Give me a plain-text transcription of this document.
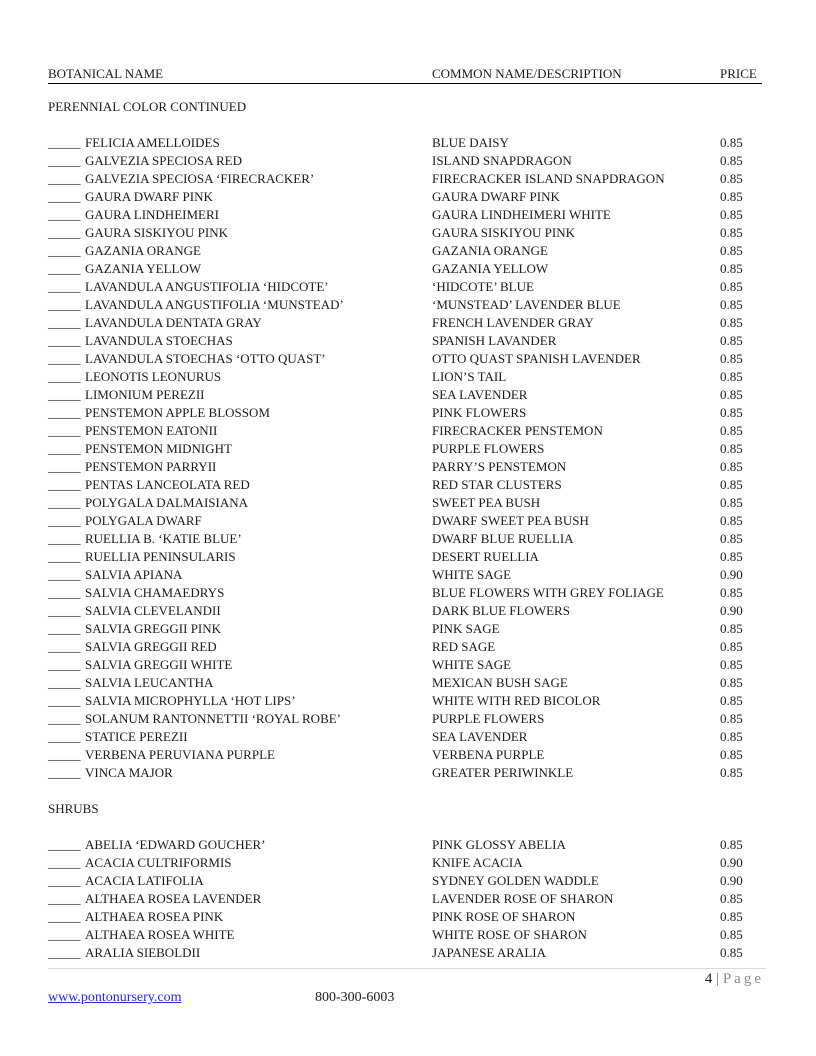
BOTANICAL NAME	COMMON NAME/DESCRIPTION	PRICE
PERENNIAL COLOR CONTINUED
_____ FELICIA AMELLOIDES	BLUE DAISY	0.85
_____ GALVEZIA SPECIOSA RED	ISLAND SNAPDRAGON	0.85
_____ GALVEZIA SPECIOSA ‘FIRECRACKER’	FIRECRACKER ISLAND SNAPDRAGON	0.85
_____ GAURA DWARF PINK	GAURA DWARF PINK	0.85
_____ GAURA LINDHEIMERI	GAURA LINDHEIMERI WHITE	0.85
_____ GAURA SISKIYOU PINK	GAURA SISKIYOU PINK	0.85
_____ GAZANIA ORANGE	GAZANIA ORANGE	0.85
_____ GAZANIA YELLOW	GAZANIA YELLOW	0.85
_____ LAVANDULA ANGUSTIFOLIA ‘HIDCOTE’	‘HIDCOTE’ BLUE	0.85
_____ LAVANDULA ANGUSTIFOLIA ‘MUNSTEAD’	‘MUNSTEAD’ LAVENDER BLUE	0.85
_____ LAVANDULA DENTATA GRAY	FRENCH LAVENDER GRAY	0.85
_____ LAVANDULA STOECHAS	SPANISH LAVANDER	0.85
_____ LAVANDULA STOECHAS ‘OTTO QUAST’	OTTO QUAST SPANISH LAVENDER	0.85
_____ LEONOTIS LEONURUS	LION’S TAIL	0.85
_____ LIMONIUM PEREZII	SEA LAVENDER	0.85
_____ PENSTEMON APPLE BLOSSOM	PINK FLOWERS	0.85
_____ PENSTEMON EATONII	FIRECRACKER PENSTEMON	0.85
_____ PENSTEMON MIDNIGHT	PURPLE FLOWERS	0.85
_____ PENSTEMON PARRYII	PARRY’S PENSTEMON	0.85
_____ PENTAS LANCEOLATA RED	RED STAR CLUSTERS	0.85
_____ POLYGALA DALMAISIANA	SWEET PEA BUSH	0.85
_____ POLYGALA DWARF	DWARF SWEET PEA BUSH	0.85
_____ RUELLIA B. ‘KATIE BLUE’	DWARF BLUE RUELLIA	0.85
_____ RUELLIA PENINSULARIS	DESERT RUELLIA	0.85
_____ SALVIA APIANA	WHITE SAGE	0.90
_____ SALVIA CHAMAEDRYS	BLUE FLOWERS WITH GREY FOLIAGE	0.85
_____ SALVIA CLEVELANDII	DARK BLUE FLOWERS	0.90
_____ SALVIA GREGGII PINK	PINK SAGE	0.85
_____ SALVIA GREGGII RED	RED SAGE	0.85
_____ SALVIA GREGGII WHITE	WHITE SAGE	0.85
_____ SALVIA LEUCANTHA	MEXICAN BUSH SAGE	0.85
_____ SALVIA MICROPHYLLA ‘HOT LIPS’	WHITE WITH RED BICOLOR	0.85
_____ SOLANUM RANTONNETTII ‘ROYAL ROBE’	PURPLE FLOWERS	0.85
_____ STATICE PEREZII	SEA LAVENDER	0.85
_____ VERBENA PERUVIANA PURPLE	VERBENA PURPLE	0.85
_____ VINCA MAJOR	GREATER PERIWINKLE	0.85
SHRUBS
_____ ABELIA ‘EDWARD GOUCHER’	PINK GLOSSY ABELIA	0.85
_____ ACACIA CULTRIFORMIS	KNIFE ACACIA	0.90
_____ ACACIA LATIFOLIA	SYDNEY GOLDEN WADDLE	0.90
_____ ALTHAEA ROSEA LAVENDER	LAVENDER ROSE OF SHARON	0.85
_____ ALTHAEA ROSEA PINK	PINK ROSE OF SHARON	0.85
_____ ALTHAEA ROSEA WHITE	WHITE ROSE OF SHARON	0.85
_____ ARALIA SIEBOLDII	JAPANESE ARALIA	0.85
4 | Page
www.pontonursery.com	800-300-6003
